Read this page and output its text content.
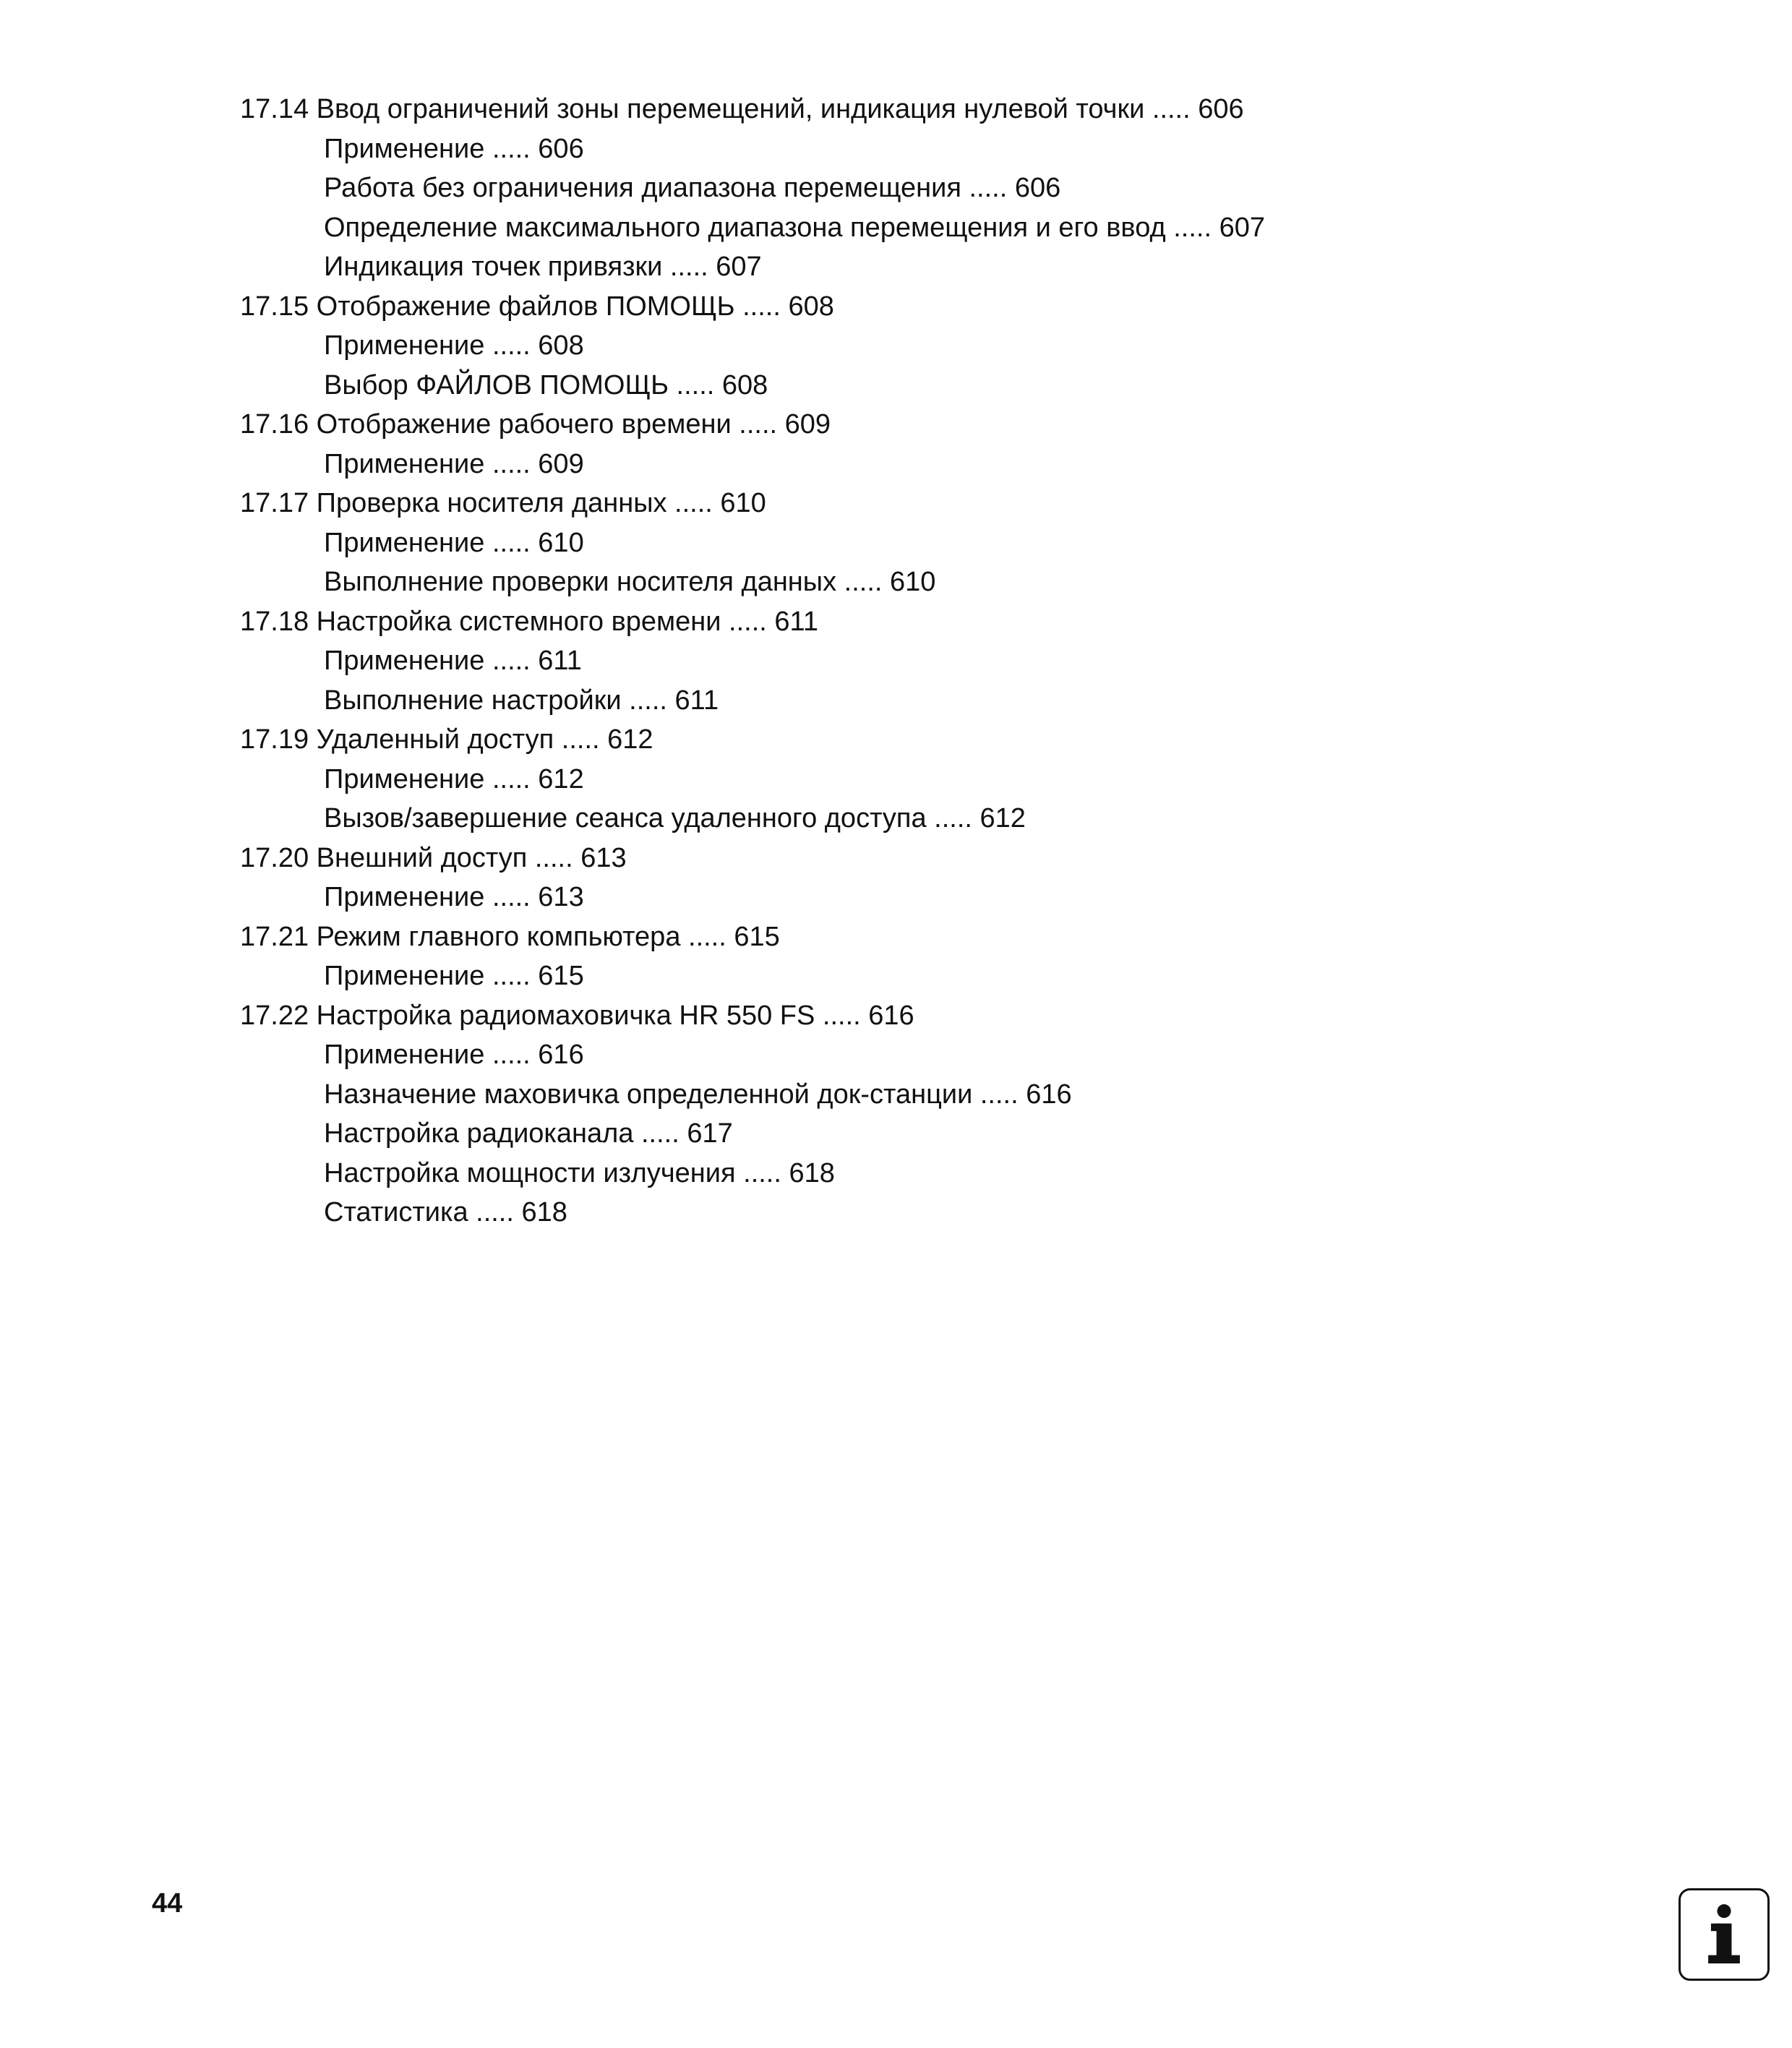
17.14 Ввод ограничений зоны перемещений, индикация нулевой точки ..... 606
Применение ..... 606
Работа без ограничения диапазона перемещения ..... 606
Определение максимального диапазона перемещения и его ввод ..... 607
Индикация точек привязки ..... 607
17.15 Отображение файлов ПОМОЩЬ ..... 608
Применение ..... 608
Выбор ФАЙЛОВ ПОМОЩЬ ..... 608
17.16 Отображение рабочего времени ..... 609
Применение ..... 609
17.17 Проверка носителя данных ..... 610
Применение ..... 610
Выполнение проверки носителя данных ..... 610
17.18 Настройка системного времени ..... 611
Применение ..... 611
Выполнение настройки ..... 611
17.19 Удаленный доступ ..... 612
Применение ..... 612
Вызов/завершение сеанса удаленного доступа ..... 612
17.20 Внешний доступ ..... 613
Применение ..... 613
17.21 Режим главного компьютера ..... 615
Применение ..... 615
17.22 Настройка радиомаховичка HR 550 FS ..... 616
Применение ..... 616
Назначение маховичка определенной док-станции ..... 616
Настройка радиоканала ..... 617
Настройка мощности излучения ..... 618
Статистика ..... 618
44
